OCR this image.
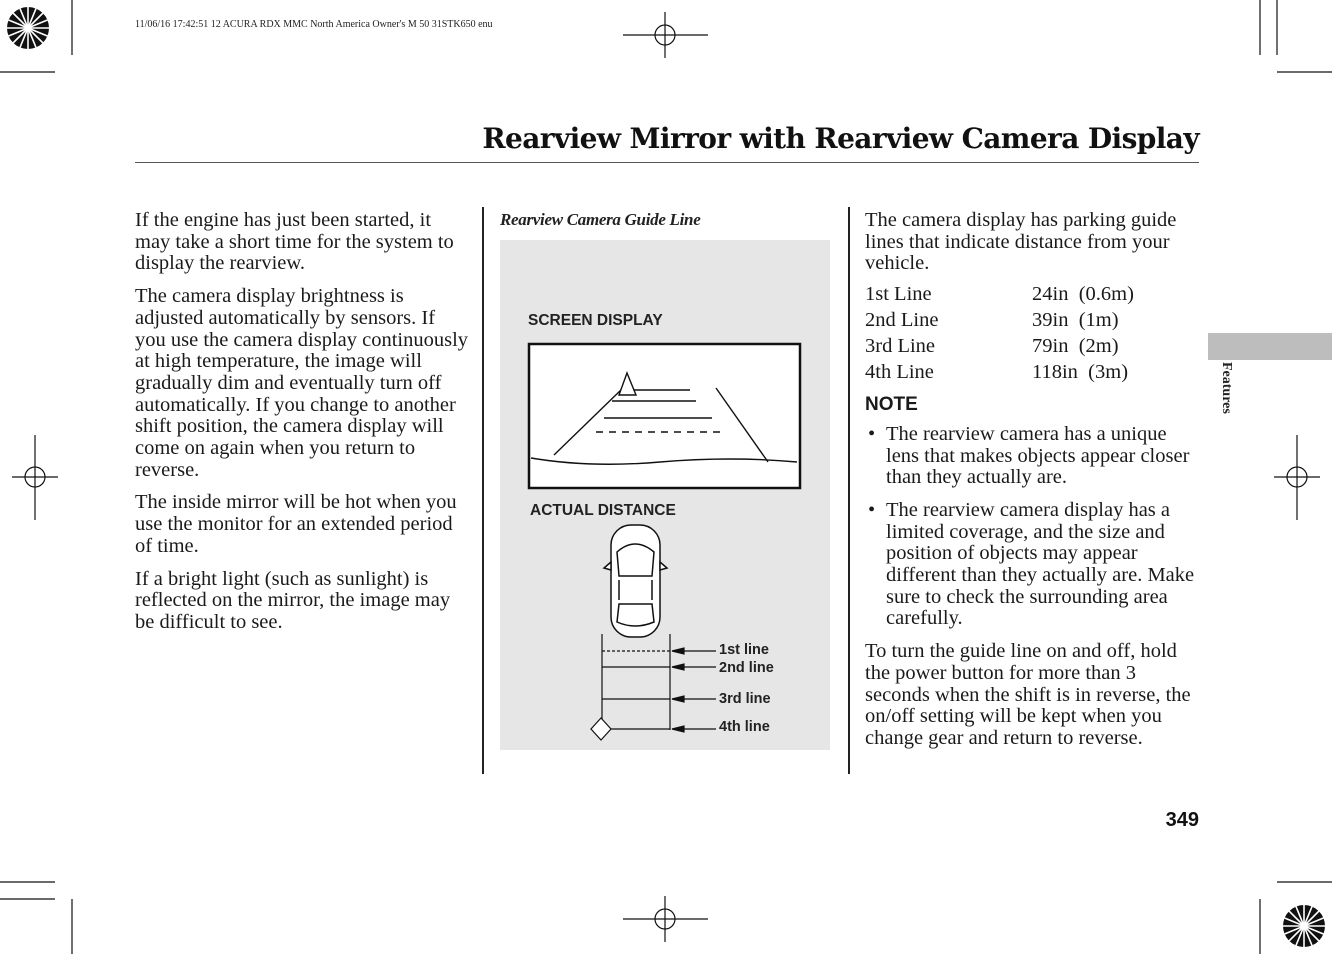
11/06/16 17:42:51 12 ACURA RDX MMC North America Owner's M 50 31STK650 enu
Rearview Mirror with Rearview Camera Display

If the engine has just been started, it may take a short time for the system to display the rearview.

The camera display brightness is adjusted automatically by sensors. If you use the camera display continuously at high temperature, the image will gradually dim and eventually turn off automatically. If you change to another shift position, the camera display will come on again when you return to reverse.

The inside mirror will be hot when you use the monitor for an extended period of time.

If a bright light (such as sunlight) is reflected on the mirror, the image may be difficult to see.

Rearview Camera Guide Line
SCREEN DISPLAY
ACTUAL DISTANCE
1st line
2nd line
3rd line
4th line

The camera display has parking guide lines that indicate distance from your vehicle.

1st Line	24in  (0.6m)
2nd Line	39in  (1m)
3rd Line	79in  (2m)
4th Line	118in  (3m)
NOTE
• The rearview camera has a unique lens that makes objects appear closer than they actually are.
• The rearview camera display has a limited coverage, and the size and position of objects may appear different than they actually are. Make sure to check the surrounding area carefully.

To turn the guide line on and off, hold the power button for more than 3 seconds when the shift is in reverse, the on/off setting will be kept when you change gear and return to reverse.

Features
349
